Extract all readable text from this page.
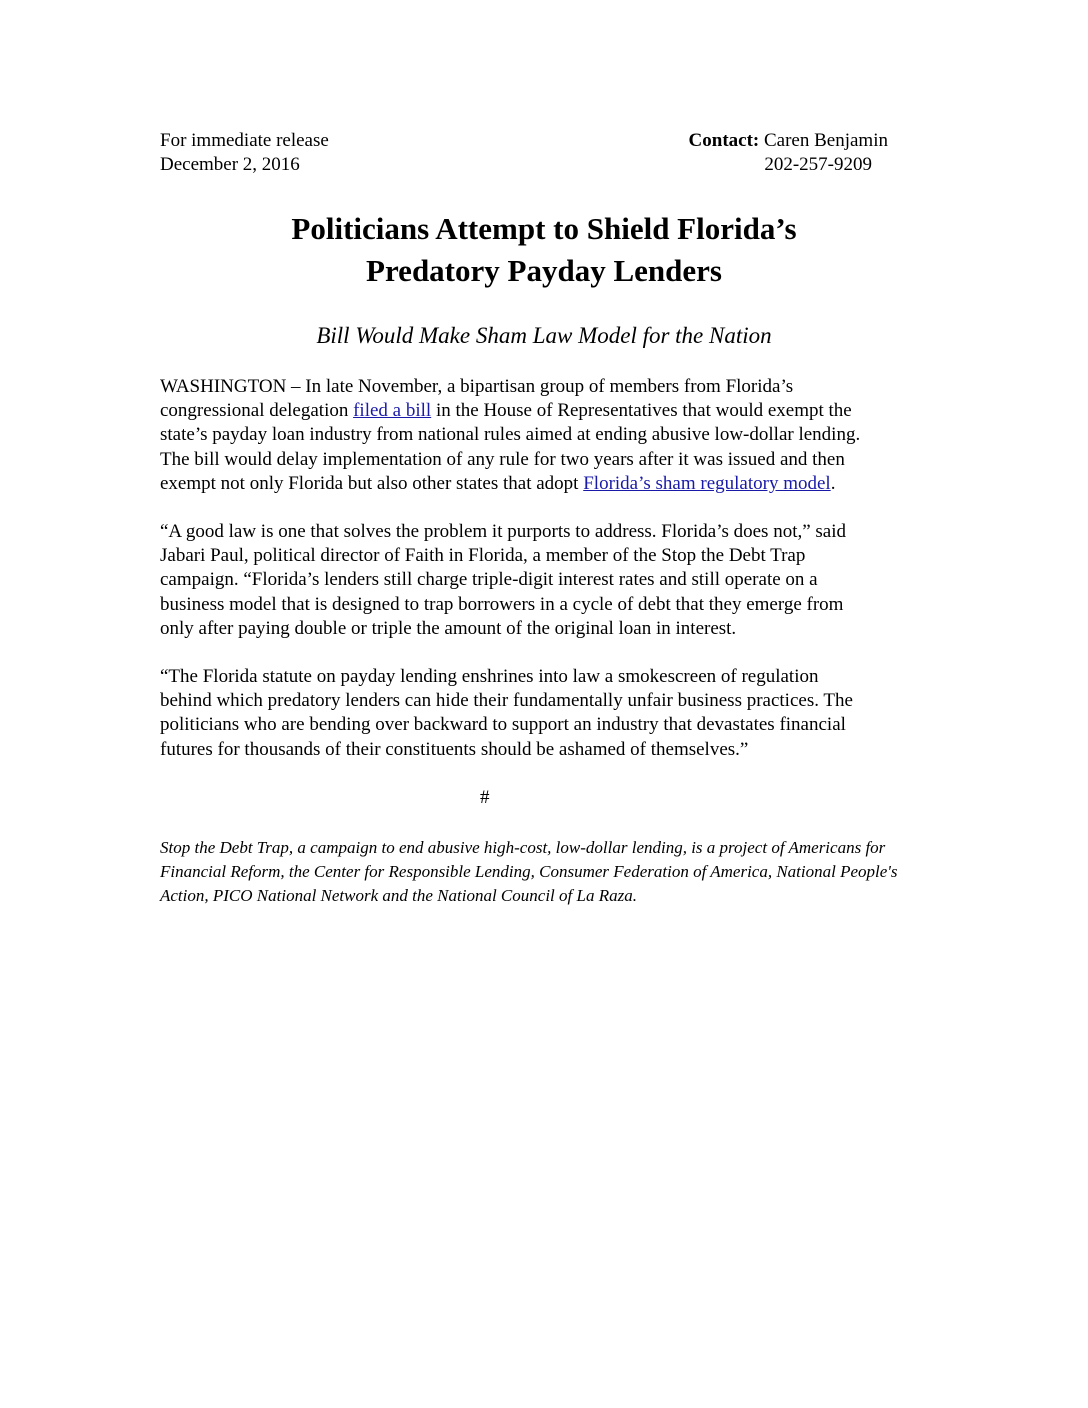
For immediate release
December 2, 2016
Contact: Caren Benjamin
202-257-9209
Politicians Attempt to Shield Florida’s
Predatory Payday Lenders
Bill Would Make Sham Law Model for the Nation

WASHINGTON – In late November, a bipartisan group of members from Florida’s
congressional delegation filed a bill in the House of Representatives that would exempt the
state’s payday loan industry from national rules aimed at ending abusive low-dollar lending.
The bill would delay implementation of any rule for two years after it was issued and then
exempt not only Florida but also other states that adopt Florida’s sham regulatory model.

“A good law is one that solves the problem it purports to address. Florida’s does not,” said
Jabari Paul, political director of Faith in Florida, a member of the Stop the Debt Trap
campaign. “Florida’s lenders still charge triple-digit interest rates and still operate on a
business model that is designed to trap borrowers in a cycle of debt that they emerge from
only after paying double or triple the amount of the original loan in interest.

“The Florida statute on payday lending enshrines into law a smokescreen of regulation
behind which predatory lenders can hide their fundamentally unfair business practices. The
politicians who are bending over backward to support an industry that devastates financial
futures for thousands of their constituents should be ashamed of themselves.”

#
Stop the Debt Trap, a campaign to end abusive high-cost, low-dollar lending, is a project of Americans for
Financial Reform, the Center for Responsible Lending, Consumer Federation of America, National People's
Action, PICO National Network and the National Council of La Raza.
